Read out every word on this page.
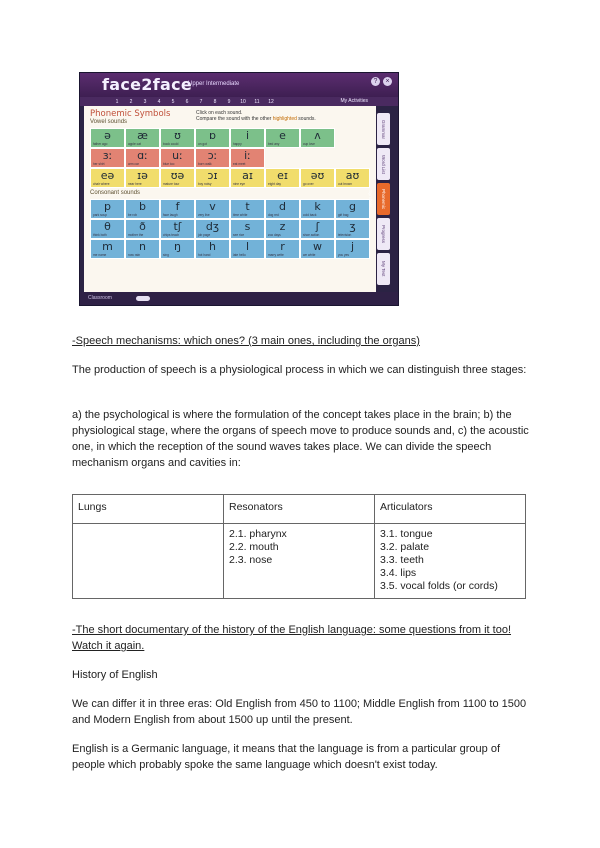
face2face
Upper Intermediate	?	×
1	2	3	4	5	6	7	8	9	10	11	12	My Activities
Phonemic Symbols	Click on each sound.
Compare the sound with the other highlighted sounds.
Vowel sounds
ə
father ago
æ
apple cat
ʊ
book could
ɒ
on got
i
happy
e
bed any
ʌ
cup love
ɜː
her shirt
ɑː
arm car
uː
blue too
ɔː
born walk
iː
eat meet
eə
chair where
ɪə
near here
ʊə
mature tour
ɔɪ
boy noisy
aɪ
nine eye
eɪ
eight day
əʊ
go over
aʊ
out brown
Consonant sounds
p
park soup
b
be rob
f
face laugh
v
very live
t
time white
d
dog red
k
cold back
g
girl bag
θ
think both
ð
mother the
tʃ
chips teach
dʒ
job page
s
see rice
z
zoo days
ʃ
shoe action
ʒ
television
m
me name
n
now rain
ŋ
sing
h
hot hand
l
late hello
r
marry write
w
we white
j
you yes
Grammar
Word List
Phonemic Symbols
Progress
My Test
Classroom
-Speech mechanisms: which ones? (3 main ones, including the organs)
The production of speech is a physiological process in which we can distinguish three stages:
a) the psychological is where the formulation of the concept takes place in the brain; b) the physiological stage, where the organs of speech move to produce sounds and, c) the acoustic one, in which the reception of the sound waves takes place. We can divide the speech mechanism organs and cavities in:
Lungs	Resonators	Articulators

	2.1. pharynx
2.2. mouth
2.3. nose	3.1. tongue
3.2. palate
3.3. teeth
3.4. lips
3.5. vocal folds (or cords)
-The short documentary of the history of the English language: some questions from it too! Watch it again.
History of English
We can differ it in three eras: Old English from 450 to 1100; Middle English from 1100 to 1500 and Modern English from about 1500 up until the present.
English is a Germanic language, it means that the language is from a particular group of people which probably spoke the same language which doesn't exist today.
